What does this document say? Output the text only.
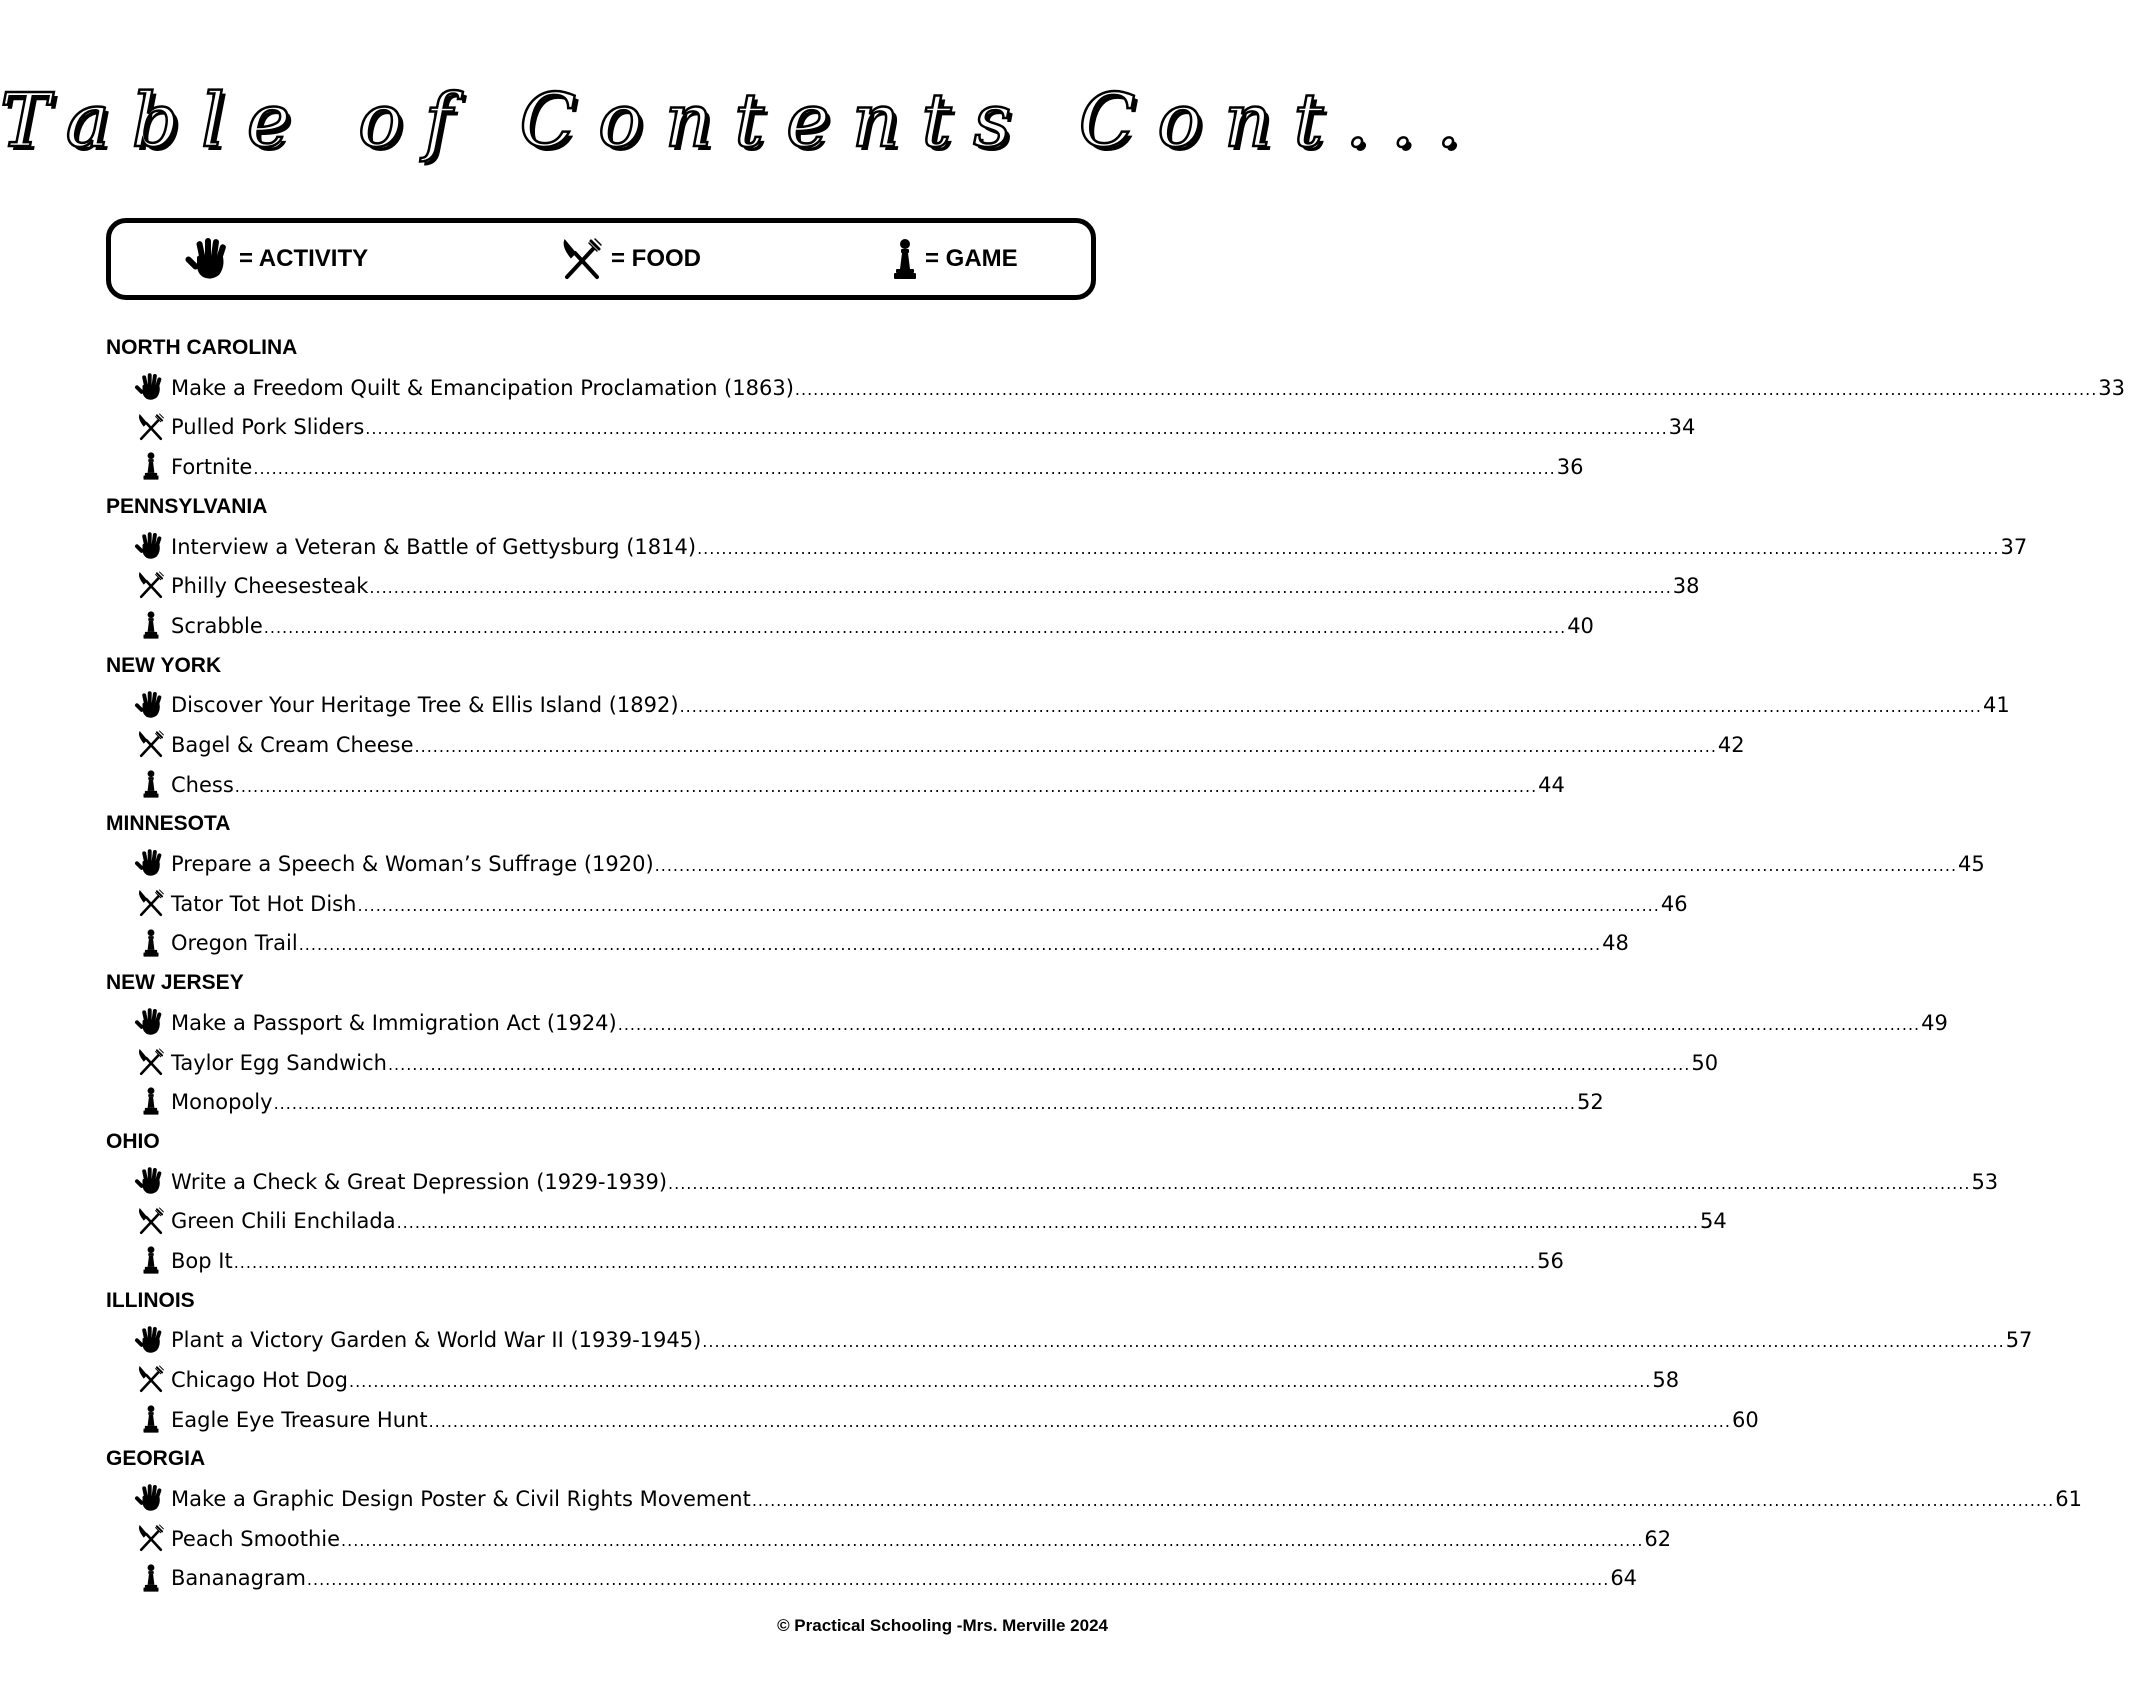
Table of Contents Cont...
= ACTIVITY	= FOOD	= GAME
NORTH CAROLINA
Make a Freedom Quilt & Emancipation Proclamation (1863) .....	33
Pulled Pork Sliders .....	34
Fortnite .....	36
PENNSYLVANIA
Interview a Veteran & Battle of Gettysburg (1814) .....	37
Philly Cheesesteak .....	38
Scrabble .....	40
NEW YORK
Discover Your Heritage Tree & Ellis Island (1892) .....	41
Bagel & Cream Cheese .....	42
Chess .....	44
MINNESOTA
Prepare a Speech & Woman’s Suffrage (1920) .....	45
Tator Tot Hot Dish .....	46
Oregon Trail .....	48
NEW JERSEY
Make a Passport & Immigration Act (1924) .....	49
Taylor Egg Sandwich .....	50
Monopoly .....	52
OHIO
Write a Check & Great Depression (1929-1939) .....	53
Green Chili Enchilada .....	54
Bop It .....	56
ILLINOIS
Plant a Victory Garden & World War II (1939-1945) .....	57
Chicago Hot Dog .....	58
Eagle Eye Treasure Hunt .....	60
GEORGIA
Make a Graphic Design Poster & Civil Rights Movement .....	61
Peach Smoothie .....	62
Bananagram .....	64
© Practical Schooling -Mrs. Merville 2024
